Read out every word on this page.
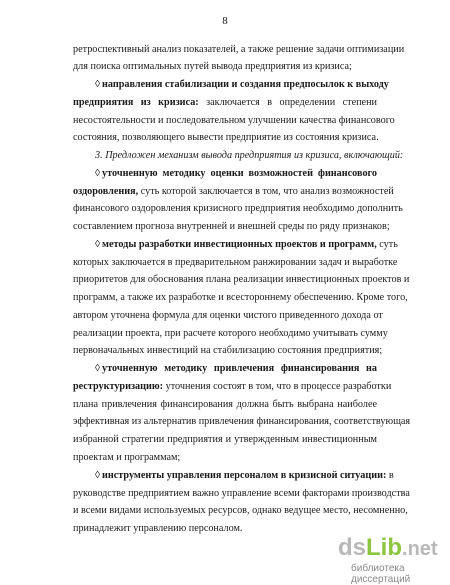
8
ретроспективный анализ показателей, а также решение задачи оптимизации
для поиска оптимальных путей вывода предприятия из кризиса;
◊ направления стабилизации и создания предпосылок к выходу
предприятия из кризиса: заключается в определении степени
несостоятельности и последовательном улучшении качества финансового
состояния, позволяющего вывести предприятие из состояния кризиса.
3. Предложен механизм вывода предприятия из кризиса, включающий:
◊ уточненную методику оценки возможностей финансового
оздоровления, суть которой заключается в том, что анализ возможностей
финансового оздоровления кризисного предприятия необходимо дополнить
составлением прогноза внутренней и внешней среды по ряду признаков;
◊ методы разработки инвестиционных проектов и программ, суть
которых заключается в предварительном ранжировании задач и выработке
приоритетов для обоснования плана реализации инвестиционных проектов и
программ, а также их разработке и всестороннему обеспечению. Кроме того,
автором уточнена формула для оценки чистого приведенного дохода от
реализации проекта, при расчете которого необходимо учитывать сумму
первоначальных инвестиций на стабилизацию состояния предприятия;
◊ уточненную методику привлечения финансирования на
реструктуризацию: уточнения состоят в том, что в процессе разработки
плана привлечения финансирования должна быть выбрана наиболее
эффективная из альтернатив привлечения финансирования, соответствующая
избранной стратегии предприятия и утвержденным инвестиционным
проектам и программам;
◊ инструменты управления персоналом в кризисной ситуации: в
руководстве предприятием важно управление всеми факторами производства
и всеми видами используемых ресурсов, однако ведущее место, несомненно,
принадлежит управлению персоналом.
dsLib.net
библиотека диссертаций
